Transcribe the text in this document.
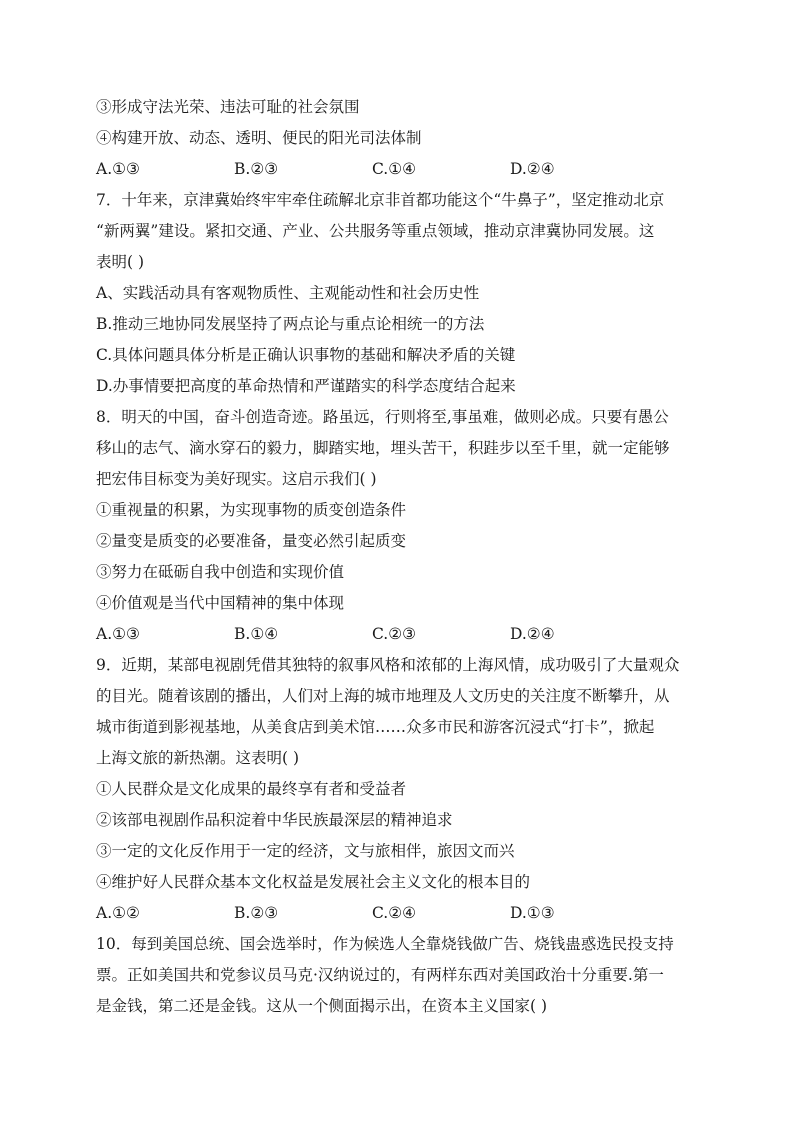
③形成守法光荣、违法可耻的社会氛围
④构建开放、动态、透明、便民的阳光司法体制
A.①③	B.②③	C.①④	D.②④
7．十年来，京津冀始终牢牢牵住疏解北京非首都功能这个“牛鼻子”，坚定推动北京
“新两翼”建设。紧扣交通、产业、公共服务等重点领域，推动京津冀协同发展。这
表明( )
A、实践活动具有客观物质性、主观能动性和社会历史性
B.推动三地协同发展坚持了两点论与重点论相统一的方法
C.具体问题具体分析是正确认识事物的基础和解决矛盾的关键
D.办事情要把高度的革命热情和严谨踏实的科学态度结合起来
8．明天的中国，奋斗创造奇迹。路虽远，行则将至,事虽难，做则必成。只要有愚公
移山的志气、滴水穿石的毅力，脚踏实地，埋头苦干，积跬步以至千里，就一定能够
把宏伟目标变为美好现实。这启示我们( )
①重视量的积累，为实现事物的质变创造条件
②量变是质变的必要准备，量变必然引起质变
③努力在砥砺自我中创造和实现价值
④价值观是当代中国精神的集中体现
A.①③	B.①④	C.②③	D.②④
9．近期，某部电视剧凭借其独特的叙事风格和浓郁的上海风情，成功吸引了大量观众
的目光。随着该剧的播出，人们对上海的城市地理及人文历史的关注度不断攀升，从
城市街道到影视基地，从美食店到美术馆……众多市民和游客沉浸式“打卡”，掀起
上海文旅的新热潮。这表明( )
①人民群众是文化成果的最终享有者和受益者
②该部电视剧作品积淀着中华民族最深层的精神追求
③一定的文化反作用于一定的经济，文与旅相伴，旅因文而兴
④维护好人民群众基本文化权益是发展社会主义文化的根本目的
A.①②	B.②③	C.②④	D.①③
10．每到美国总统、国会选举时，作为候选人全靠烧钱做广告、烧钱蛊惑选民投支持
票。正如美国共和党参议员马克·汉纳说过的，有两样东西对美国政治十分重要.第一
是金钱，第二还是金钱。这从一个侧面揭示出，在资本主义国家( )
